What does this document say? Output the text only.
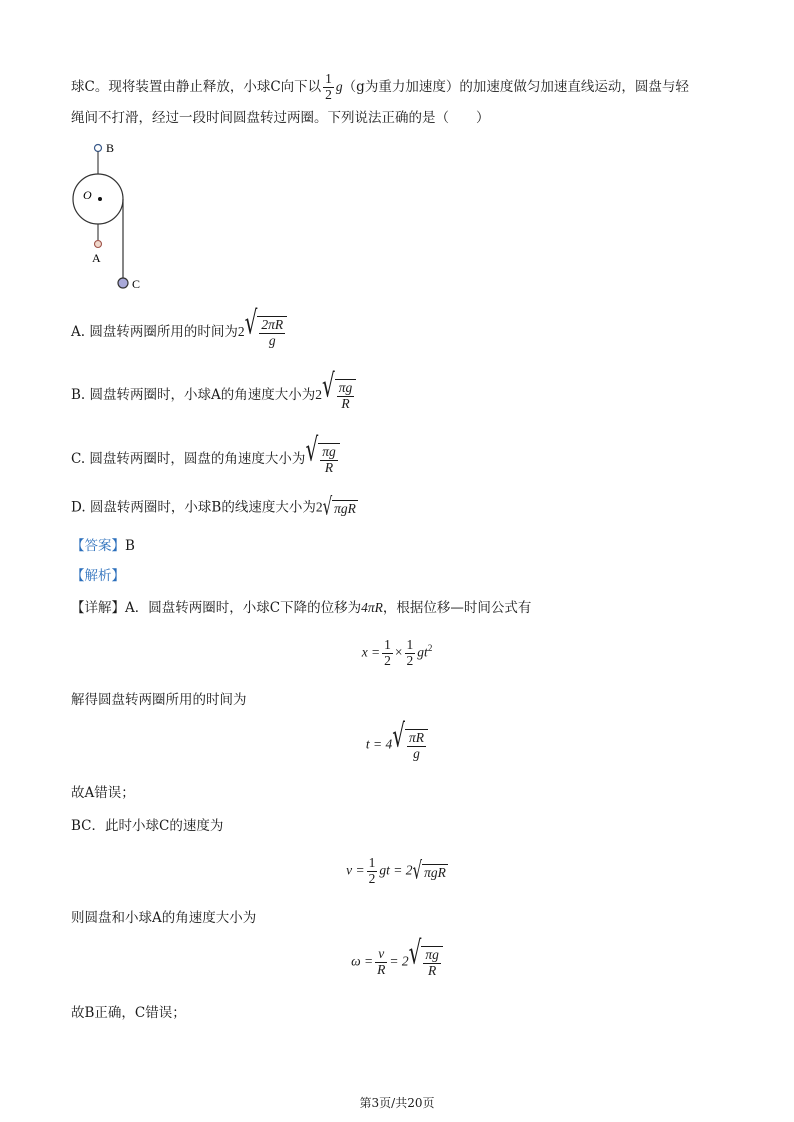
球C。现将装置由静止释放，小球C向下以 $\frac{1}{2} g(g$为重力加速度）的加速度做匀加速直线运动，圆盘与轻
绳间不打滑，经过一段时间圆盘转过两圈。下列说法正确的是（　　）
B
O
A
C
A. 圆盘转两圈所用的时间为2 √ $\frac{2\pi R}{g}$
B. 圆盘转两圈时，小球A的角速度大小为2 √ $\frac{\pi g}{R}$
C. 圆盘转两圈时，圆盘的角速度大小为 √ $\frac{\pi g}{R}$
D. 圆盘转两圈时，小球B的线速度大小为2 √ πgR
【答案】B
【解析】
【详解】A．圆盘转两圈时，小球C下降的位移为4πR，根据位移—时间公式有
$x = \frac{1}{2} \times \frac{1}{2} gt^2$
解得圆盘转两圈所用的时间为
t = 4 √ $\frac{\pi R}{g}$
故A错误；
BC．此时小球C的速度为
$v = \frac{1}{2}$ gt = 2 √ πgR
则圆盘和小球A的角速度大小为
$\omega = \frac{v}{R} = 2$ √ $\frac{\pi g}{R}$
故B正确，C错误；
第3页/共20页
